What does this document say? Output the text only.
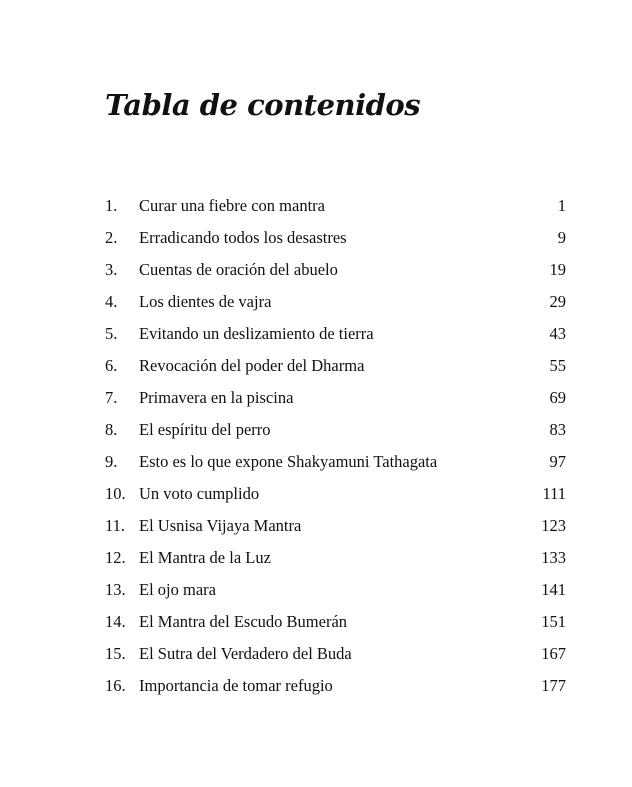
Tabla de contenidos
1.	Curar una fiebre con mantra	1
2.	Erradicando todos los desastres	9
3.	Cuentas de oración del abuelo	19
4.	Los dientes de vajra	29
5.	Evitando un deslizamiento de tierra	43
6.	Revocación del poder del Dharma	55
7.	Primavera en la piscina	69
8.	El espíritu del perro	83
9.	Esto es lo que expone Shakyamuni Tathagata	97
10. Un voto cumplido	111
11. El Usnisa Vijaya Mantra	123
12. El Mantra de la Luz	133
13. El ojo mara	141
14. El Mantra del Escudo Bumerán	151
15. El Sutra del Verdadero del Buda	167
16. Importancia de tomar refugio	177
